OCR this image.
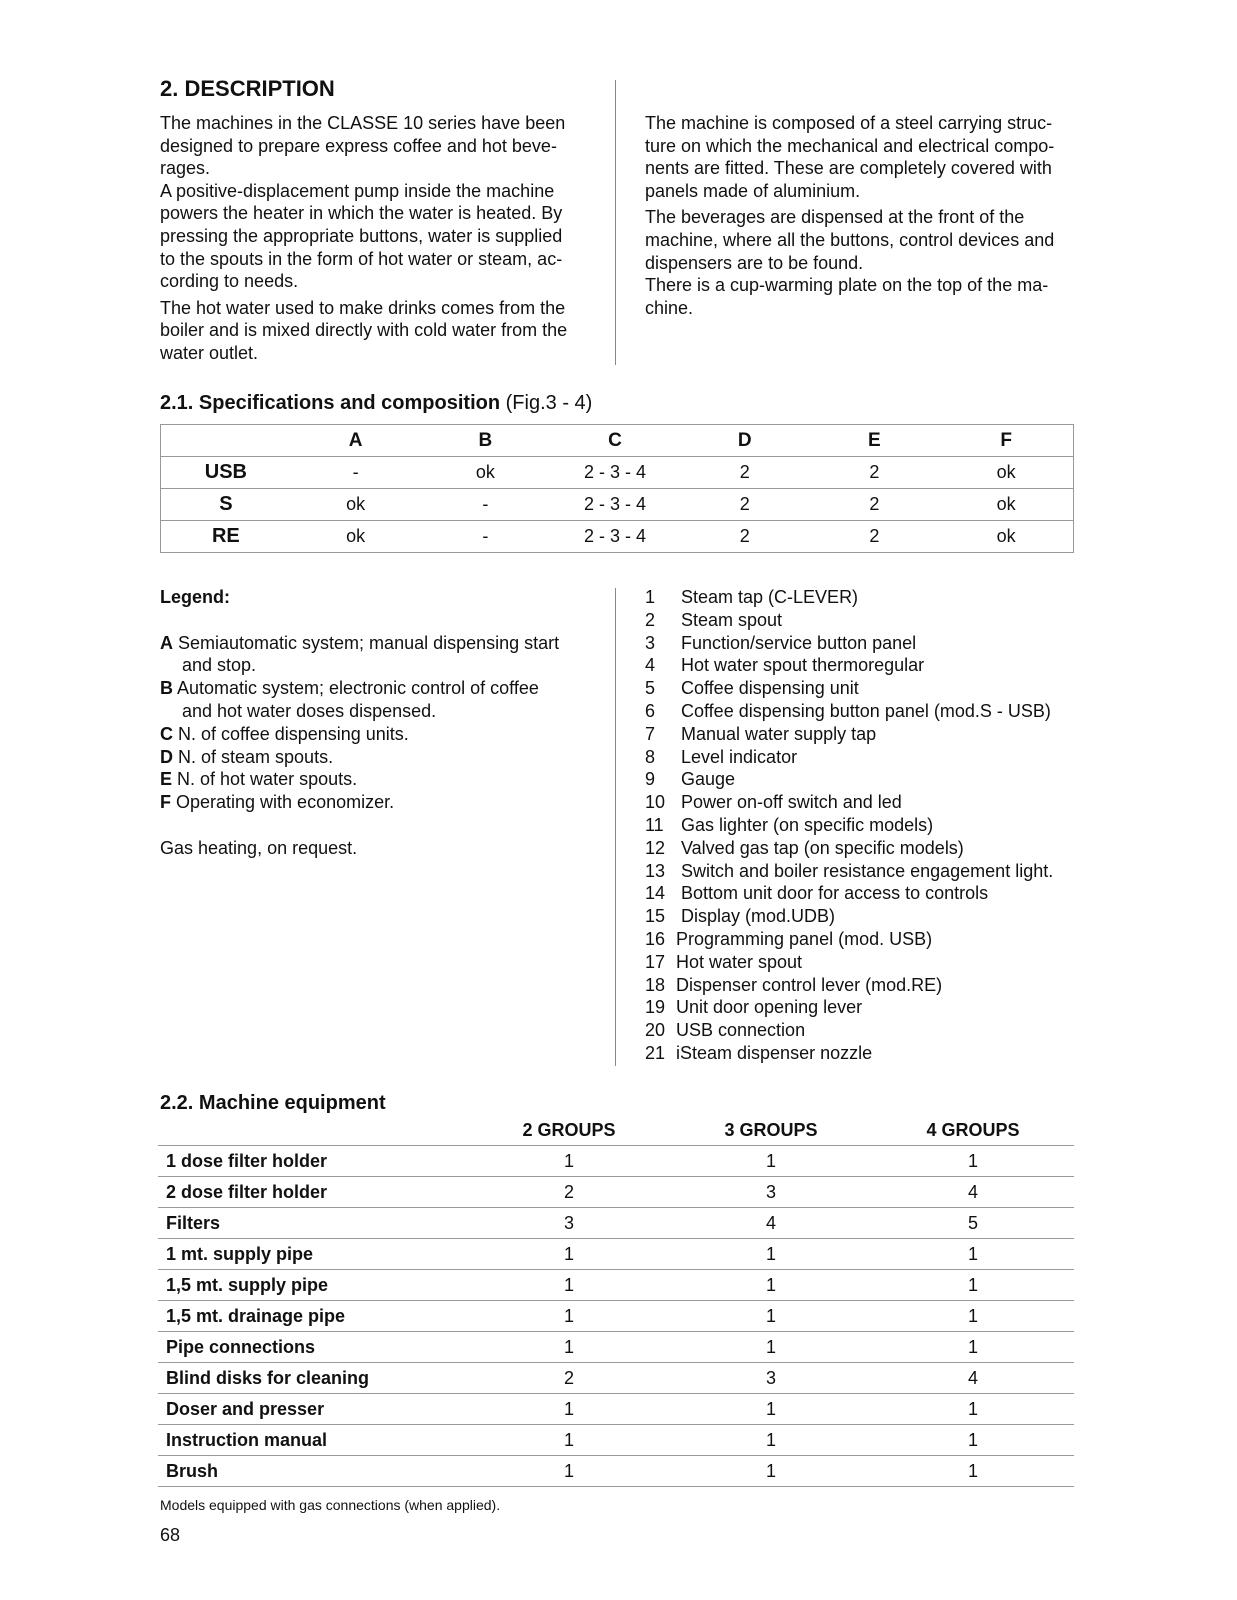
2. DESCRIPTION
The machines in the CLASSE 10 series have been
designed to prepare express coffee and hot beve-
rages.
A positive-displacement pump inside the machine
powers the heater in which the water is heated. By
pressing the appropriate buttons, water is supplied
to the spouts in the form of hot water or steam, ac-
cording to needs.
The hot water used to make drinks comes from the
boiler and is mixed directly with cold water from the
water outlet.
The machine is composed of a steel carrying struc-
ture on which the mechanical and electrical compo-
nents are fitted. These are completely covered with
panels made of aluminium.
The beverages are dispensed at the front of the
machine, where all the buttons, control devices and
dispensers are to be found.
There is a cup-warming plate on the top of the ma-
chine.
2.1. Specifications and composition (Fig.3 - 4)
	A	B	C	D	E	F
USB	-	ok	2 - 3 - 4	2	2	ok
S	ok	-	2 - 3 - 4	2	2	ok
RE	ok	-	2 - 3 - 4	2	2	ok
Legend:
A Semiautomatic system; manual dispensing start
and stop.
B Automatic system; electronic control of coffee
and hot water doses dispensed.
C N. of coffee dispensing units.
D N. of steam spouts.
E N. of hot water spouts.
F Operating with economizer.
Gas heating, on request.
1	Steam tap (C-LEVER)
2	Steam spout
3	Function/service button panel
4	Hot water spout thermoregular
5	Coffee dispensing unit
6	Coffee dispensing button panel (mod.S - USB)
7	Manual water supply tap
8	Level indicator
9	Gauge
10 Power on-off switch and led
11 Gas lighter (on specific models)
12 Valved gas tap (on specific models)
13 Switch and boiler resistance engagement light.
14 Bottom unit door for access to controls
15 Display (mod.UDB)
16 Programming panel (mod. USB)
17 Hot water spout
18 Dispenser control lever (mod.RE)
19 Unit door opening lever
20 USB connection
21 iSteam dispenser nozzle
2.2. Machine equipment
	2 GROUPS	3 GROUPS	4 GROUPS
1 dose filter holder	1	1	1
2 dose filter holder	2	3	4
Filters	3	4	5
1 mt. supply pipe	1	1	1
1,5 mt. supply pipe	1	1	1
1,5 mt. drainage pipe	1	1	1
Pipe connections	1	1	1
Blind disks for cleaning	2	3	4
Doser and presser	1	1	1
Instruction manual	1	1	1
Brush	1	1	1
Models equipped with gas connections (when applied).
68
